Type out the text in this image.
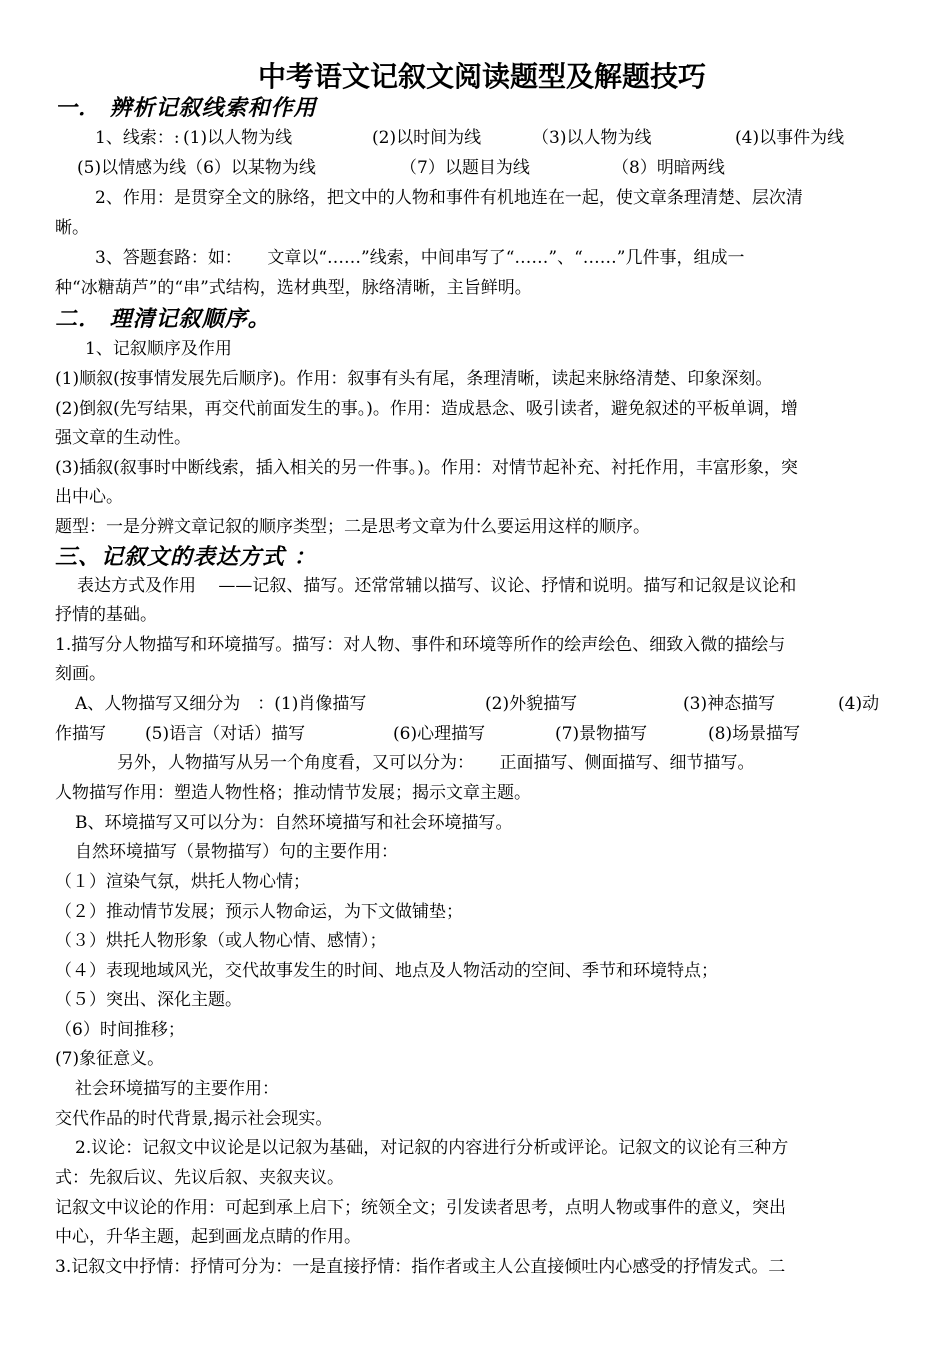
中考语文记叙文阅读题型及解题技巧
一． 辨析记叙线索和作用
1、线索：: (1)以人物为线	(2)以时间为线	（3)以人物为线	(4)以事件为线
(5)以情感为线（6）以某物为线	（7）以题目为线	（8）明暗两线
2、作用：是贯穿全文的脉络，把文中的人物和事件有机地连在一起，使文章条理清楚、层次清
晰。
3、答题套路：如：　　文章以“……”线索，中间串写了“……”、“……”几件事，组成一
种“冰糖葫芦”的“串”式结构，选材典型，脉络清晰，主旨鲜明。
二． 理清记叙顺序。
1、记叙顺序及作用
(1)顺叙(按事情发展先后顺序)。作用：叙事有头有尾，条理清晰，读起来脉络清楚、印象深刻。
(2)倒叙(先写结果，再交代前面发生的事。)。作用：造成悬念、吸引读者，避免叙述的平板单调，增
强文章的生动性。
(3)插叙(叙事时中断线索，插入相关的另一件事。)。作用：对情节起补充、衬托作用，丰富形象，突
出中心。
题型：一是分辨文章记叙的顺序类型；二是思考文章为什么要运用这样的顺序。
三、记叙文的表达方式 ：
表达方式及作用 　——记叙、描写。还常常辅以描写、议论、抒情和说明。描写和记叙是议论和
抒情的基础。
1.描写分人物描写和环境描写。描写：对人物、事件和环境等所作的绘声绘色、细致入微的描绘与
刻画。
A、人物描写又细分为　：(1)肖像描写	(2)外貌描写	(3)神态描写	(4)动
作描写 (5)语言（对话）描写	(6)心理描写	(7)景物描写	(8)场景描写
另外，人物描写从另一个角度看，又可以分为：　　正面描写、侧面描写、细节描写。
人物描写作用：塑造人物性格；推动情节发展；揭示文章主题。
B、环境描写又可以分为：自然环境描写和社会环境描写。
自然环境描写（景物描写）句的主要作用：
（１）渲染气氛，烘托人物心情；
（２）推动情节发展；预示人物命运，为下文做铺垫；
（３）烘托人物形象（或人物心情、感情）；
（４）表现地域风光，交代故事发生的时间、地点及人物活动的空间、季节和环境特点；
（５）突出、深化主题。
（6）时间推移；
(7)象征意义。
社会环境描写的主要作用：
交代作品的时代背景,揭示社会现实。
2.议论：记叙文中议论是以记叙为基础，对记叙的内容进行分析或评论。记叙文的议论有三种方
式：先叙后议、先议后叙、夹叙夹议。
记叙文中议论的作用：可起到承上启下；统领全文；引发读者思考，点明人物或事件的意义，突出
中心，升华主题，起到画龙点睛的作用。
3.记叙文中抒情：抒情可分为：一是直接抒情：指作者或主人公直接倾吐内心感受的抒情发式。二
